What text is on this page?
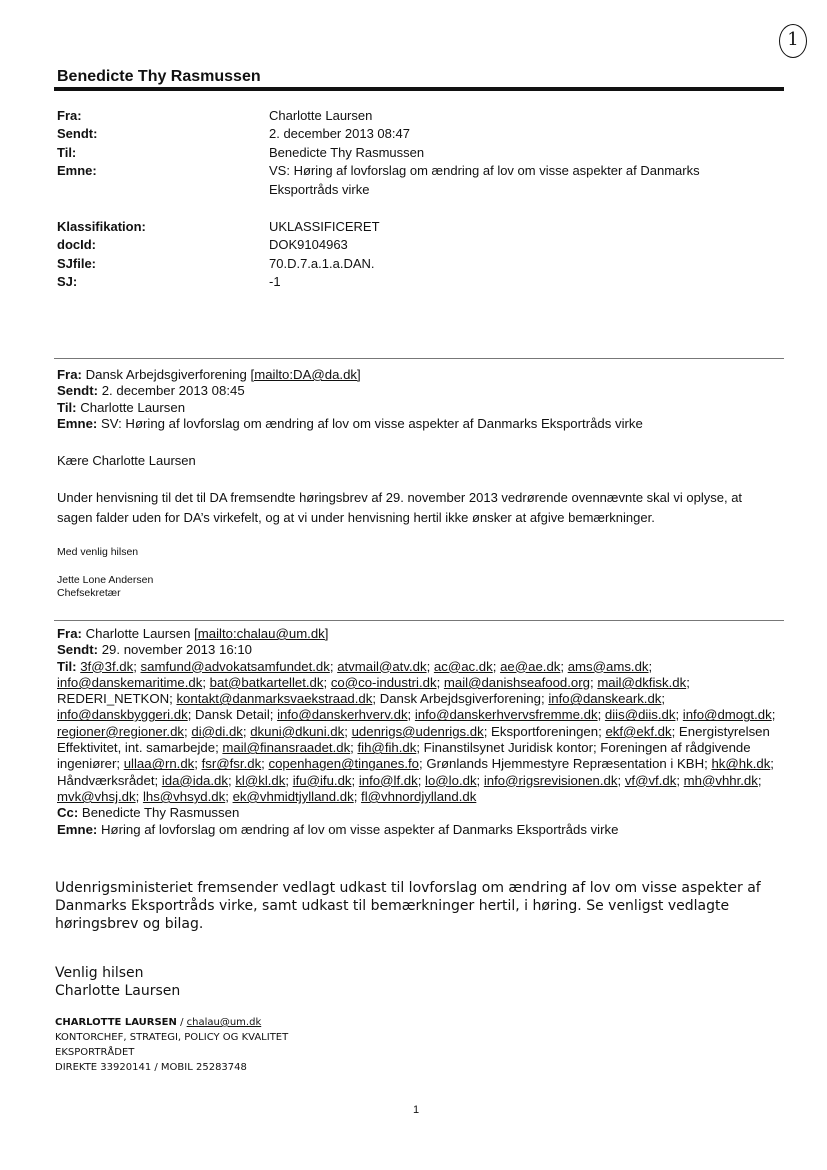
1
Benedicte Thy Rasmussen
Fra:	Charlotte Laursen
Sendt:	2. december 2013 08:47
Til:	Benedicte Thy Rasmussen
Emne:	VS: Høring af lovforslag om ændring af lov om visse aspekter af Danmarks Eksportråds virke
Klassifikation:	UKLASSIFICERET
docId:	DOK9104963
SJfile:	70.D.7.a.1.a.DAN.
SJ:	-1
Fra: Dansk Arbejdsgiverforening [mailto:DA@da.dk]
Sendt: 2. december 2013 08:45
Til: Charlotte Laursen
Emne: SV: Høring af lovforslag om ændring af lov om visse aspekter af Danmarks Eksportråds virke
Kære Charlotte Laursen
Under henvisning til det til DA fremsendte høringsbrev af 29. november 2013 vedrørende ovennævnte skal vi oplyse, at sagen falder uden for DA’s virkefelt, og at vi under henvisning hertil ikke ønsker at afgive bemærkninger.
Med venlig hilsen
Jette Lone Andersen
Chefsekretær
Fra: Charlotte Laursen [mailto:chalau@um.dk]
Sendt: 29. november 2013 16:10
Til: 3f@3f.dk; samfund@advokatsamfundet.dk; atvmail@atv.dk; ac@ac.dk; ae@ae.dk; ams@ams.dk; info@danskemaritime.dk; bat@batkartellet.dk; co@co-industri.dk; mail@danishseafood.org; mail@dkfisk.dk; REDERI_NETKON; kontakt@danmarksvaekstraad.dk; Dansk Arbejdsgiverforening; info@danskeark.dk; info@danskbyggeri.dk; Dansk Detail; info@danskerhverv.dk; info@danskerhvervsfremme.dk; diis@diis.dk; info@dmogt.dk; regioner@regioner.dk; di@di.dk; dkuni@dkuni.dk; udenrigs@udenrigs.dk; Eksportforeningen; ekf@ekf.dk; Energistyrelsen Effektivitet, int. samarbejde; mail@finansraadet.dk; fih@fih.dk; Finanstilsynet Juridisk kontor; Foreningen af rådgivende ingeniører; ullaa@rn.dk; fsr@fsr.dk; copenhagen@tinganes.fo; Grønlands Hjemmestyre Repræsentation i KBH; hk@hk.dk; Håndværksrådet; ida@ida.dk; kl@kl.dk; ifu@ifu.dk; info@lf.dk; lo@lo.dk; info@rigsrevisionen.dk; vf@vf.dk; mh@vhhr.dk; mvk@vhsj.dk; lhs@vhsyd.dk; ek@vhmidtjylland.dk; fl@vhnordjylland.dk
Cc: Benedicte Thy Rasmussen
Emne: Høring af lovforslag om ændring af lov om visse aspekter af Danmarks Eksportråds virke
Udenrigsministeriet fremsender vedlagt udkast til lovforslag om ændring af lov om visse aspekter af Danmarks Eksportråds virke, samt udkast til bemærkninger hertil, i høring. Se venligst vedlagte høringsbrev og bilag.
Venlig hilsen
Charlotte Laursen
CHARLOTTE LAURSEN / chalau@um.dk
KONTORCHEF, STRATEGI, POLICY OG KVALITET
EKSPORTRÅDET
DIREKTE 33920141 / MOBIL 25283748
1
